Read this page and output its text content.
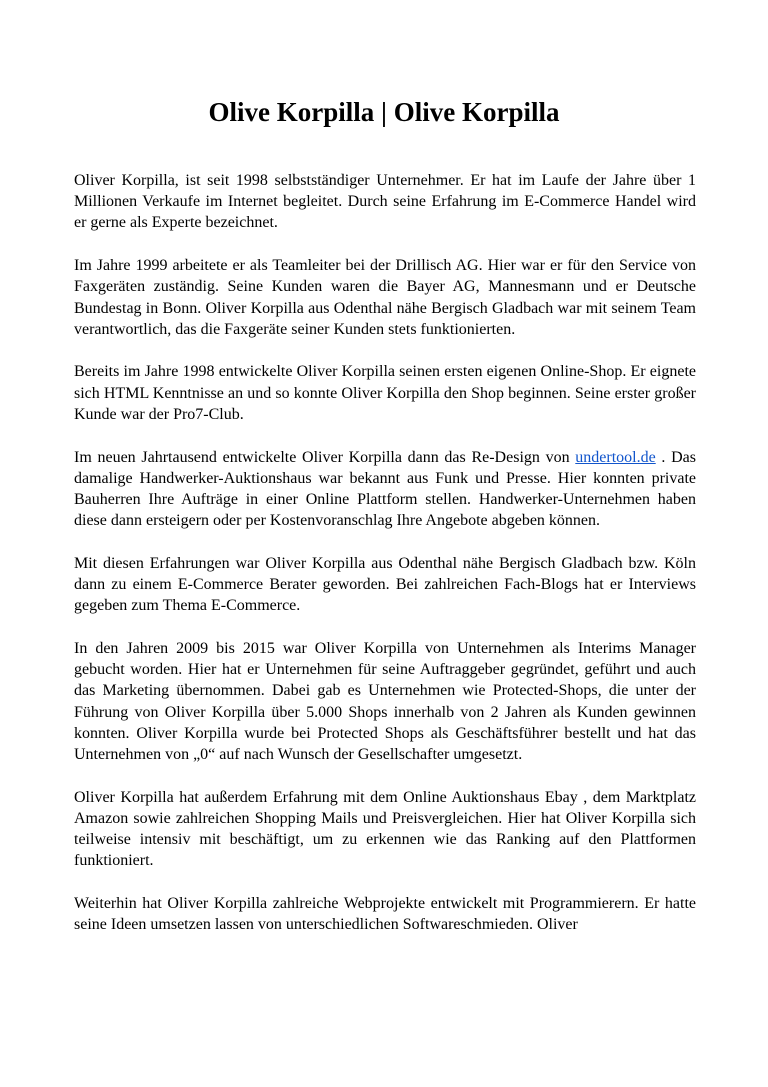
Olive Korpilla | Olive Korpilla

Oliver Korpilla, ist seit 1998 selbstständiger Unternehmer. Er hat im Laufe der Jahre über 1 Millionen Verkaufe im Internet begleitet. Durch seine Erfahrung im E-Commerce Handel wird er gerne als Experte bezeichnet.

Im Jahre 1999 arbeitete er als Teamleiter bei der Drillisch AG. Hier war er für den Service von Faxgeräten zuständig. Seine Kunden waren die Bayer AG, Mannesmann und er Deutsche Bundestag in Bonn. Oliver Korpilla aus Odenthal nähe Bergisch Gladbach war mit seinem Team verantwortlich, das die Faxgeräte seiner Kunden stets funktionierten.

Bereits im Jahre 1998 entwickelte Oliver Korpilla seinen ersten eigenen Online-Shop. Er eignete sich HTML Kenntnisse an und so konnte Oliver Korpilla den Shop beginnen. Seine erster großer Kunde war der Pro7-Club.

Im neuen Jahrtausend entwickelte Oliver Korpilla dann das Re-Design von undertool.de . Das damalige Handwerker-Auktionshaus war bekannt aus Funk und Presse. Hier konnten private Bauherren Ihre Aufträge in einer Online Plattform stellen. Handwerker-Unternehmen haben diese dann ersteigern oder per Kostenvoranschlag Ihre Angebote abgeben können.

Mit diesen Erfahrungen war Oliver Korpilla aus Odenthal nähe Bergisch Gladbach bzw. Köln dann zu einem E-Commerce Berater geworden. Bei zahlreichen Fach-Blogs hat er Interviews gegeben zum Thema E-Commerce.

In den Jahren 2009 bis 2015 war Oliver Korpilla von Unternehmen als Interims Manager gebucht worden. Hier hat er Unternehmen für seine Auftraggeber gegründet, geführt und auch das Marketing übernommen. Dabei gab es Unternehmen wie Protected-Shops, die unter der Führung von Oliver Korpilla über 5.000 Shops innerhalb von 2 Jahren als Kunden gewinnen konnten. Oliver Korpilla wurde bei Protected Shops als Geschäftsführer bestellt und hat das Unternehmen von „0“ auf nach Wunsch der Gesellschafter umgesetzt.

Oliver Korpilla hat außerdem Erfahrung mit dem Online Auktionshaus Ebay , dem Marktplatz Amazon sowie zahlreichen Shopping Mails und Preisvergleichen. Hier hat Oliver Korpilla sich teilweise intensiv mit beschäftigt, um zu erkennen wie das Ranking auf den Plattformen funktioniert.

Weiterhin hat Oliver Korpilla zahlreiche Webprojekte entwickelt mit Programmierern. Er hatte seine Ideen umsetzen lassen von unterschiedlichen Softwareschmieden. Oliver
